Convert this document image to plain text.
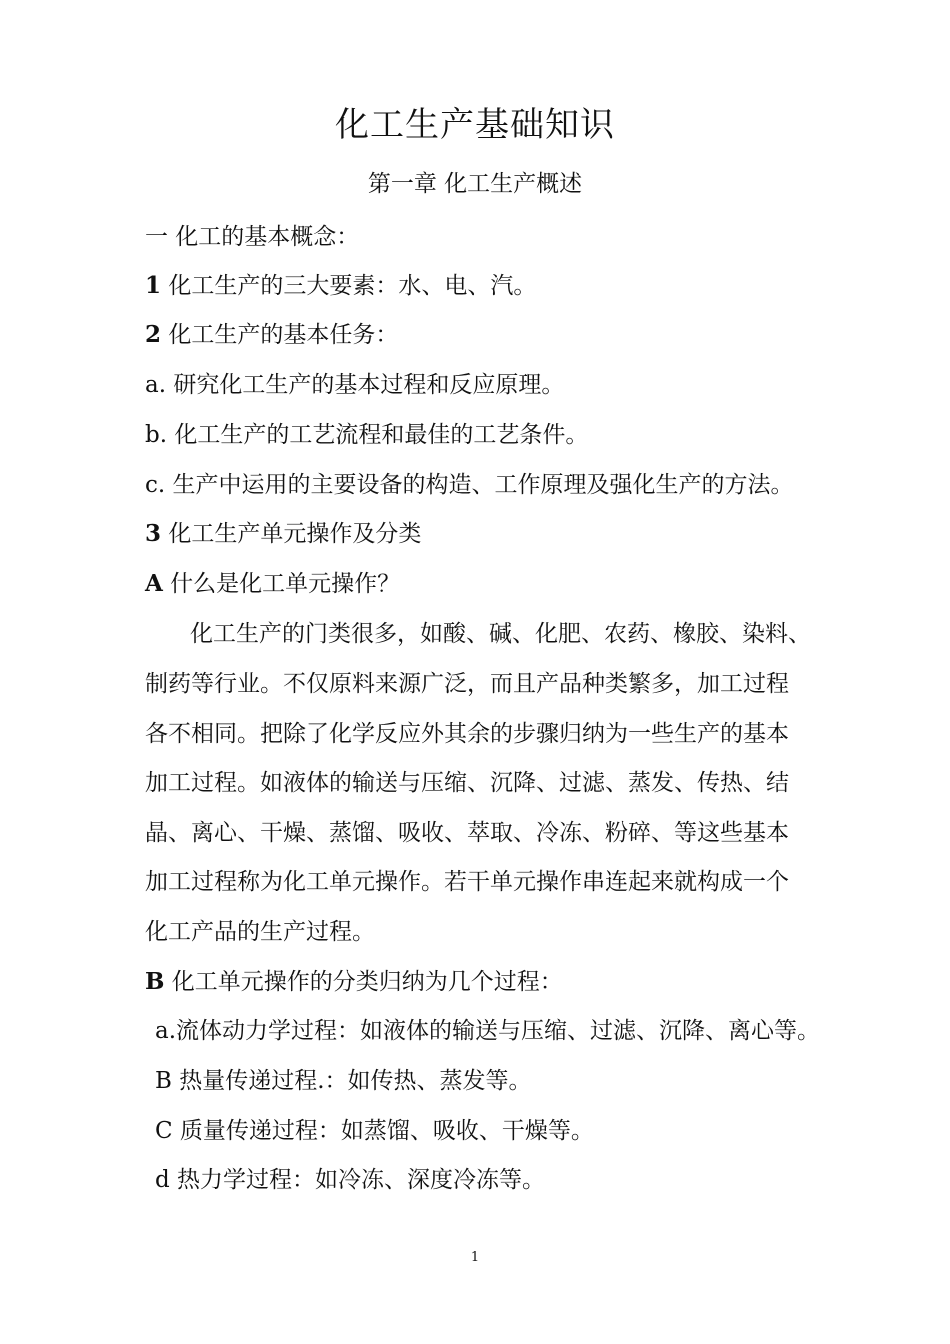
化工生产基础知识
第一章 化工生产概述
一 化工的基本概念：
1 化工生产的三大要素：水、电、汽。
2 化工生产的基本任务：
a. 研究化工生产的基本过程和反应原理。
b. 化工生产的工艺流程和最佳的工艺条件。
c. 生产中运用的主要设备的构造、工作原理及强化生产的方法。
3 化工生产单元操作及分类
A 什么是化工单元操作？
化工生产的门类很多，如酸、碱、化肥、农药、橡胶、染料、
制药等行业。不仅原料来源广泛，而且产品种类繁多，加工过程
各不相同。把除了化学反应外其余的步骤归纳为一些生产的基本
加工过程。如液体的输送与压缩、沉降、过滤、蒸发、传热、结
晶、离心、干燥、蒸馏、吸收、萃取、冷冻、粉碎、等这些基本
加工过程称为化工单元操作。若干单元操作串连起来就构成一个
化工产品的生产过程。
B 化工单元操作的分类归纳为几个过程：
a.流体动力学过程：如液体的输送与压缩、过滤、沉降、离心等。
B 热量传递过程.：如传热、蒸发等。
C 质量传递过程：如蒸馏、吸收、干燥等。
d 热力学过程：如冷冻、深度冷冻等。
1
